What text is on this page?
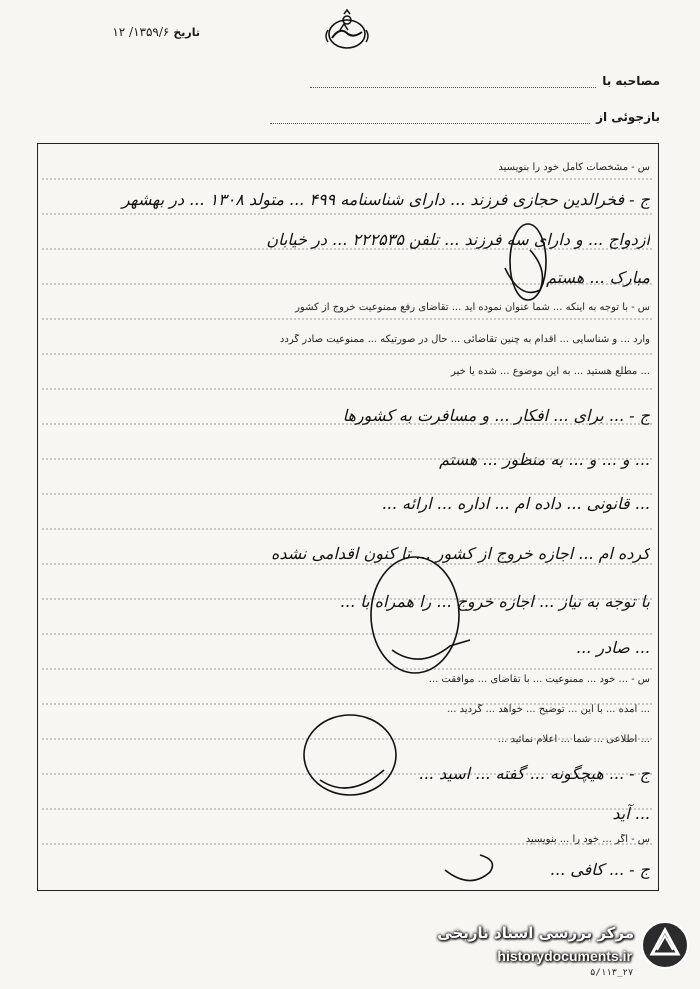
تاریخ
۱۳۵۹/۶/ ۱۲
مصاحبه با
بازجوئی از
س - مشخصات کامل خود را بنویسید
ج - فخرالدین حجازی فرزند ... دارای شناسنامه ۴۹۹ ... متولد ۱۳۰۸ ... در بهشهر
ازدواج ... و دارای سه فرزند ... تلفن ۲۲۲۵۳۵ ... در خیابان
مبارک ... هستم
س - با توجه به اینکه ... شما عنوان نموده اید ... تقاضای رفع ممنوعیت خروج از کشور
وارد ... و شناسایی ... اقدام به چنین تقاضائی ... حال در صورتیکه ... ممنوعیت صادر گردد
... مطلع هستید ... به این موضوع ... شده یا خیر
ج - ... برای ... افکار ... و مسافرت به کشورها
... و ... و ... به منظور ... هستم
... قانونی ... داده ام ... اداره ... ارائه ...
کرده ام ... اجازه خروج از کشور ... تا کنون اقدامی نشده
با توجه به نیاز ... اجازه خروج ... را همراه با ...
... صادر ...
س - ... خود ... ممنوعیت ... با تقاضای ... موافقت ...
... آمده ... با این ... توضیح ... خواهد ... گردید ...
... اطلاعی ... شما ... اعلام نمائید ...
ج - ... هیچگونه ... گفته ... اسید ...
... آید
س - اگر ... خود را ... بنویسید
ج - ... کافی ...
مرکز بررسی اسناد تاریخی
historydocuments.ir
۵/۱۱۳_۲۷
